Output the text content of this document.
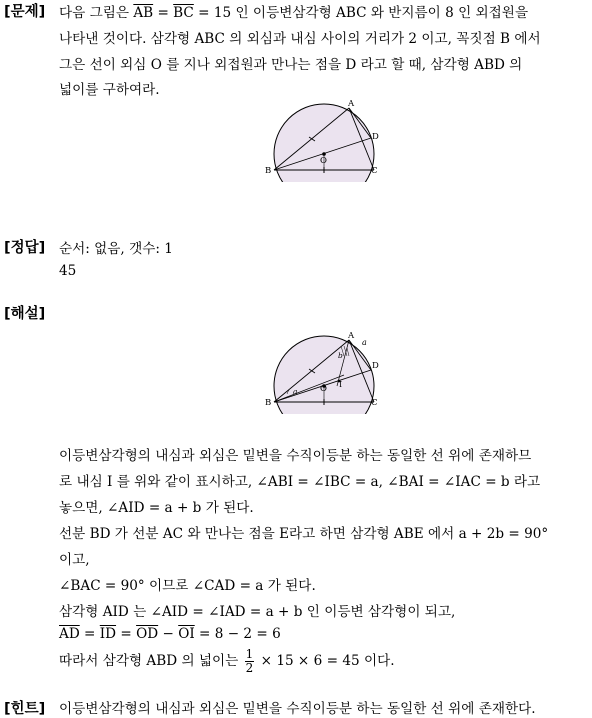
[문제] 다음 그림은 $\overline{AB} = \overline{BC} = 15$ 인 이등변삼각형 ABC 와 반지름이 8 인 외접원을
나타낸 것이다. 삼각형 ABC 의 외심과 내심 사이의 거리가 2 이고, 꼭짓점 B 에서
그은 선이 외심 O 를 지나 외접원과 만나는 점을 D 라고 할 때, 삼각형 ABD 의
넓이를 구하여라.
A
B	C
D
O
[정답] 순서: 없음, 갯수: 1
45
[해설]
A
B	C
D
O I
a
a
b
이등변삼각형의 내심과 외심은 밑변을 수직이등분 하는 동일한 선 위에 존재하므
로 내심 I 를 위와 같이 표시하고, ∠ABI = ∠IBC = a, ∠BAI = ∠IAC = b 라고
놓으면, ∠AID = a + b 가 된다.
선분 BD 가 선분 AC 와 만나는 점을 E라고 하면 삼각형 ABE 에서 a + 2b = 90°
이고,
∠BAC = 90° 이므로 ∠CAD = a 가 된다.
삼각형 AID 는 ∠AID = ∠IAD = a + b 인 이등변 삼각형이 되고,
$\overline{AD} = \overline{ID} = \overline{OD} - \overline{OI} = 8 - 2 = 6$
따라서 삼각형 ABD 의 넓이는 $\frac{1}{2} \times 15 \times 6 = 45$ 이다.
[힌트] 이등변삼각형의 내심과 외심은 밑변을 수직이등분 하는 동일한 선 위에 존재한다.
